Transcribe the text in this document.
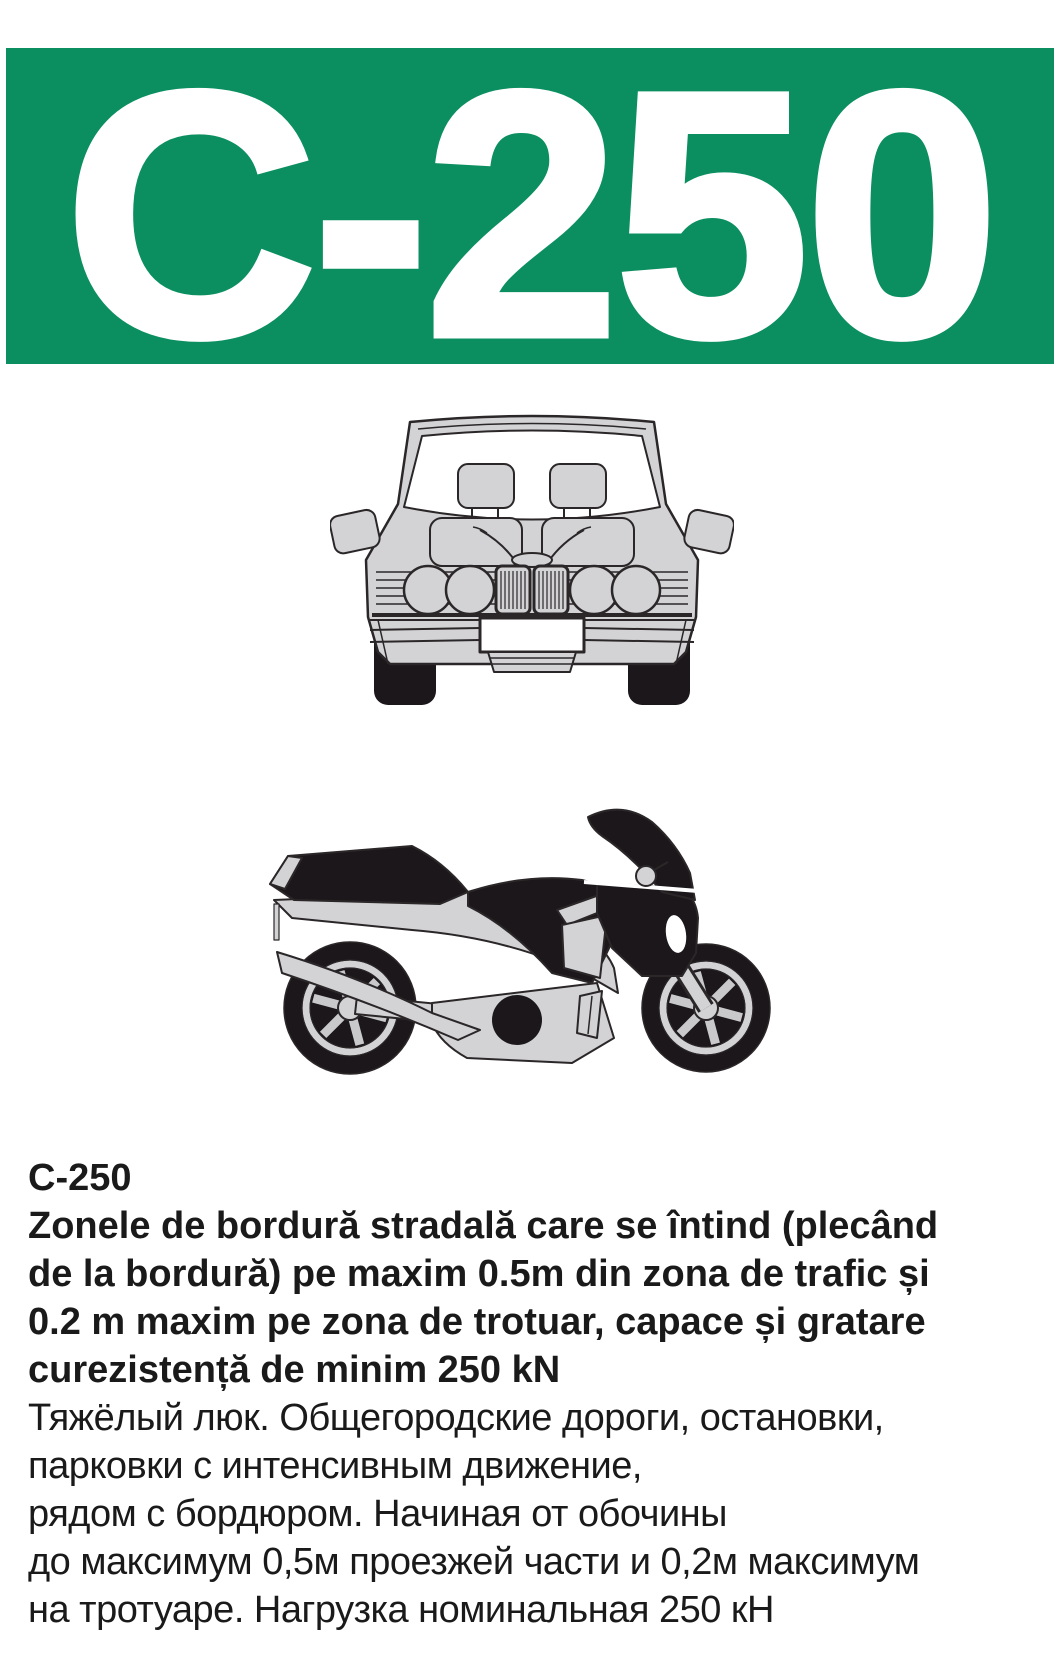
C-250
C-250
Zonele de bordură stradală care se întind (plecând
de la bordură) pe maxim 0.5m din zona de trafic și
0.2 m maxim pe zona de trotuar, capace și gratare
curezistență de minim 250 kN
Тяжёлый люк. Общегородские дороги, остановки,
парковки с интенсивным движение,
рядом с бордюром. Начиная от обочины
до максимум 0,5м проезжей части и 0,2м максимум
на тротуаре. Нагрузка номинальная 250 кН
